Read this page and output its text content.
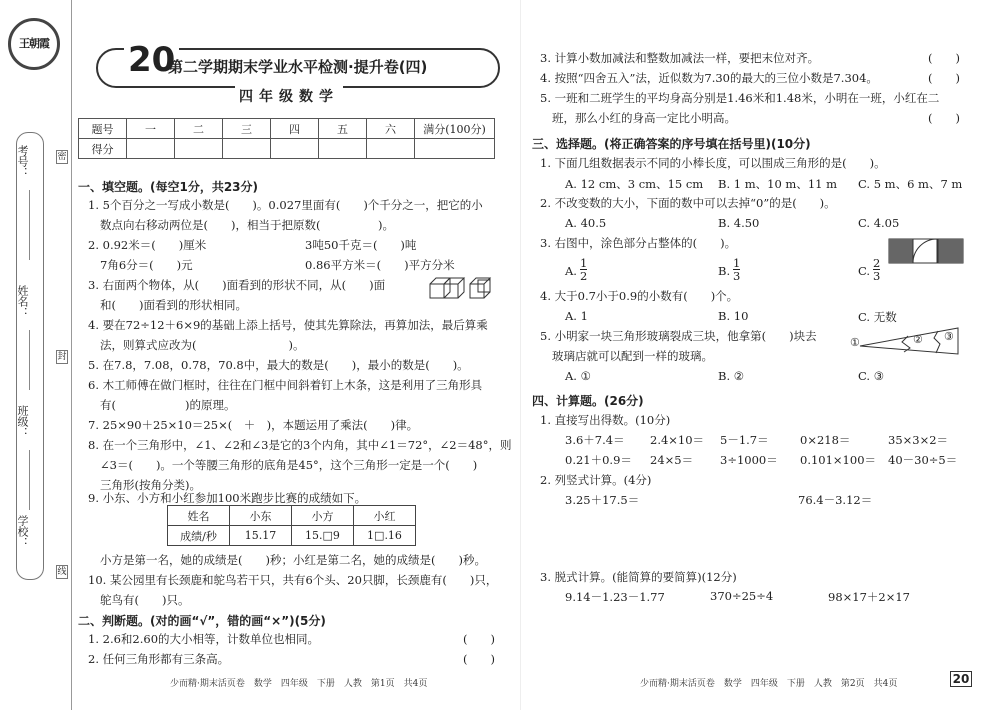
王朝霞
考号：
姓名：
班级：
学校：
密
封
线
20
第二学期期末学业水平检测·提升卷(四)
四年级数学
题号	一	二	三	四	五	六	满分(100分)
得分							
一、填空题。(每空1分，共23分)
1. 5个百分之一写成小数是(　　)。0.027里面有(　　)个千分之一，把它的小
数点向右移动两位是(　　)，相当于把原数(　　　　　)。
2. 0.92米＝(　　)厘米	3吨50千克＝(　　)吨
7角6分＝(　　)元	0.86平方米＝(　　)平方分米
3. 右面两个物体，从(　　)面看到的形状不同，从(　　)面
和(　　)面看到的形状相同。
4. 要在72÷12＋6×9的基础上添上括号，使其先算除法，再算加法，最后算乘
法，则算式应改为(　　　　　　　　)。
5. 在7.8，7.08，0.78，70.8中，最大的数是(　　)，最小的数是(　　)。
6. 木工师傅在做门框时，往往在门框中间斜着钉上木条，这是利用了三角形具
有(　　　　　　)的原理。
7. 25×90＋25×10＝25×(　＋　)，本题运用了乘法(　　)律。
8. 在一个三角形中，∠1、∠2和∠3是它的3个内角，其中∠1＝72°，∠2＝48°，则
∠3＝(　　)。一个等腰三角形的底角是45°，这个三角形一定是一个(　　)
三角形(按角分类)。
9. 小东、小方和小红参加100米跑步比赛的成绩如下。
姓名	小东	小方	小红
成绩/秒	15.17	15.□9	1□.16
小方是第一名，她的成绩是(　　)秒；小红是第二名，她的成绩是(　　)秒。
10. 某公园里有长颈鹿和鸵鸟若干只，共有6个头、20只脚，长颈鹿有(　　)只，
鸵鸟有(　　)只。
二、判断题。(对的画“√”，错的画“×”)(5分)
1. 2.6和2.60的大小相等，计数单位也相同。	(　　)
2. 任何三角形都有三条高。	(　　)
少而精·期末活页卷　数学　四年级　下册　人教　第1页　共4页
3. 计算小数加减法和整数加减法一样，要把末位对齐。	(　　)
4. 按照“四舍五入”法，近似数为7.30的最大的三位小数是7.304。	(　　)
5. 一班和二班学生的平均身高分别是1.46米和1.48米，小明在一班，小红在二
班，那么小红的身高一定比小明高。	(　　)
三、选择题。(将正确答案的序号填在括号里)(10分)
1. 下面几组数据表示不同的小棒长度，可以围成三角形的是(　　)。
A. 12 cm、3 cm、15 cm B. 1 m、10 m、11 m C. 5 m、6 m、7 m
2. 不改变数的大小，下面的数中可以去掉“0”的是(　　)。
A. 40.5	B. 4.50	C. 4.05
3. 右图中，涂色部分占整体的(　　)。
A. $\frac{1}{2}$	B. $\frac{1}{3}$	C. $\frac{2}{3}$
4. 大于0.7小于0.9的小数有(　　)个。
A. 1	B. 10	C. 无数
5. 小明家一块三角形玻璃裂成三块，他拿第(　　)块去
玻璃店就可以配到一样的玻璃。
①	② ③
A. ①	B. ②	C. ③
四、计算题。(26分)
1. 直接写出得数。(10分)
3.6＋7.4＝ 2.4×10＝ 5－1.7＝	0×218＝	35×3×2＝
0.21＋0.9＝ 24×5＝ 3÷1000＝ 0.101×100＝ 40－30÷5＝
2. 列竖式计算。(4分)
3.25＋17.5＝	76.4－3.12＝
3. 脱式计算。(能简算的要简算)(12分)
9.14－1.23－1.77	370÷25÷4	98×17＋2×17
少而精·期末活页卷　数学　四年级　下册　人教　第2页　共4页	20
